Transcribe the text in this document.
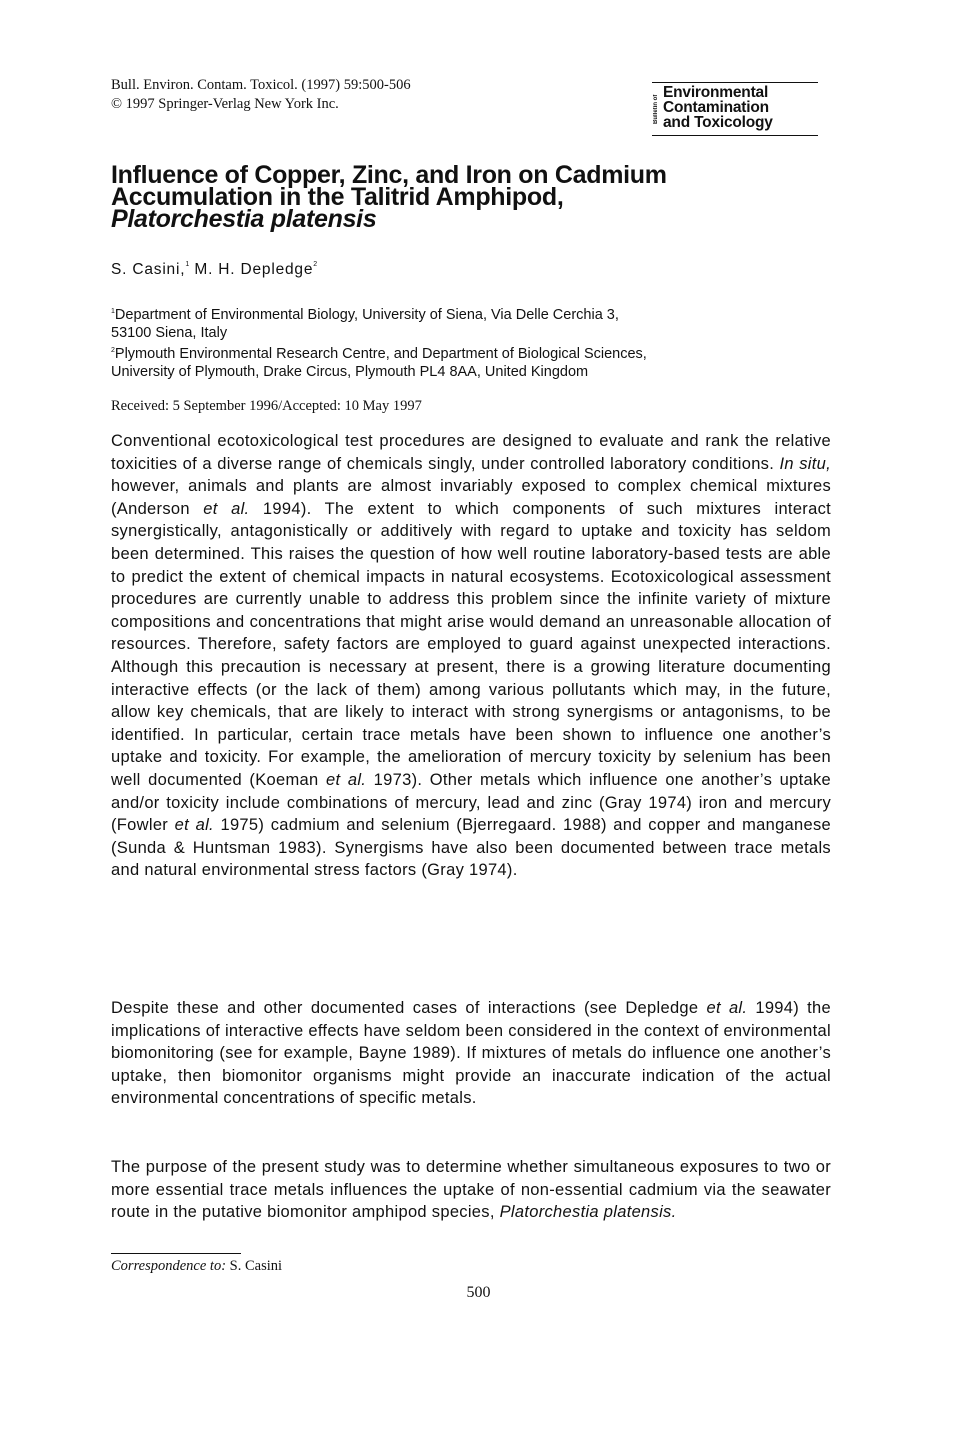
Bull. Environ. Contam. Toxicol. (1997) 59:500-506
© 1997 Springer-Verlag New York Inc.	Bulletin of
Environmental
Contamination
and Toxicology
Influence of Copper, Zinc, and Iron on Cadmium
Accumulation in the Talitrid Amphipod,
Platorchestia platensis
S. Casini,$^1$ M. H. Depledge$^2$
$^1$Department of Environmental Biology, University of Siena, Via Delle Cerchia 3,
53100 Siena, Italy
$^2$Plymouth Environmental Research Centre, and Department of Biological Sciences,
University of Plymouth, Drake Circus, Plymouth PL4 8AA, United Kingdom
Received: 5 September 1996/Accepted: 10 May 1997
Conventional ecotoxicological test procedures are designed to evaluate and rank the relative toxicities of a diverse range of chemicals singly, under controlled laboratory conditions. In situ, however, animals and plants are almost invariably exposed to complex chemical mixtures (Anderson et al. 1994). The extent to which components of such mixtures interact synergistically, antagonistically or additively with regard to uptake and toxicity has seldom been determined. This raises the question of how well routine laboratory-based tests are able to predict the extent of chemical impacts in natural ecosystems. Ecotoxicological assessment procedures are currently unable to address this problem since the infinite variety of mixture compositions and concentrations that might arise would demand an unreasonable allocation of resources. Therefore, safety factors are employed to guard against unexpected interactions. Although this precaution is necessary at present, there is a growing literature documenting interactive effects (or the lack of them) among various pollutants which may, in the future, allow key chemicals, that are likely to interact with strong synergisms or antagonisms, to be identified. In particular, certain trace metals have been shown to influence one another’s uptake and toxicity. For example, the amelioration of mercury toxicity by selenium has been well documented (Koeman et al. 1973). Other metals which influence one another’s uptake and/or toxicity include combinations of mercury, lead and zinc (Gray 1974) iron and mercury (Fowler et al. 1975) cadmium and selenium (Bjerregaard. 1988) and copper and manganese (Sunda & Huntsman 1983). Synergisms have also been documented between trace metals and natural environmental stress factors (Gray 1974).
Despite these and other documented cases of interactions (see Depledge et al. 1994) the implications of interactive effects have seldom been considered in the context of environmental biomonitoring (see for example, Bayne 1989). If mixtures of metals do influence one another’s uptake, then biomonitor organisms might provide an inaccurate indication of the actual environmental concentrations of specific metals.
The purpose of the present study was to determine whether simultaneous exposures to two or more essential trace metals influences the uptake of non-essential cadmium via the seawater route in the putative biomonitor amphipod species, Platorchestia platensis.
Correspondence to: S. Casini
500
